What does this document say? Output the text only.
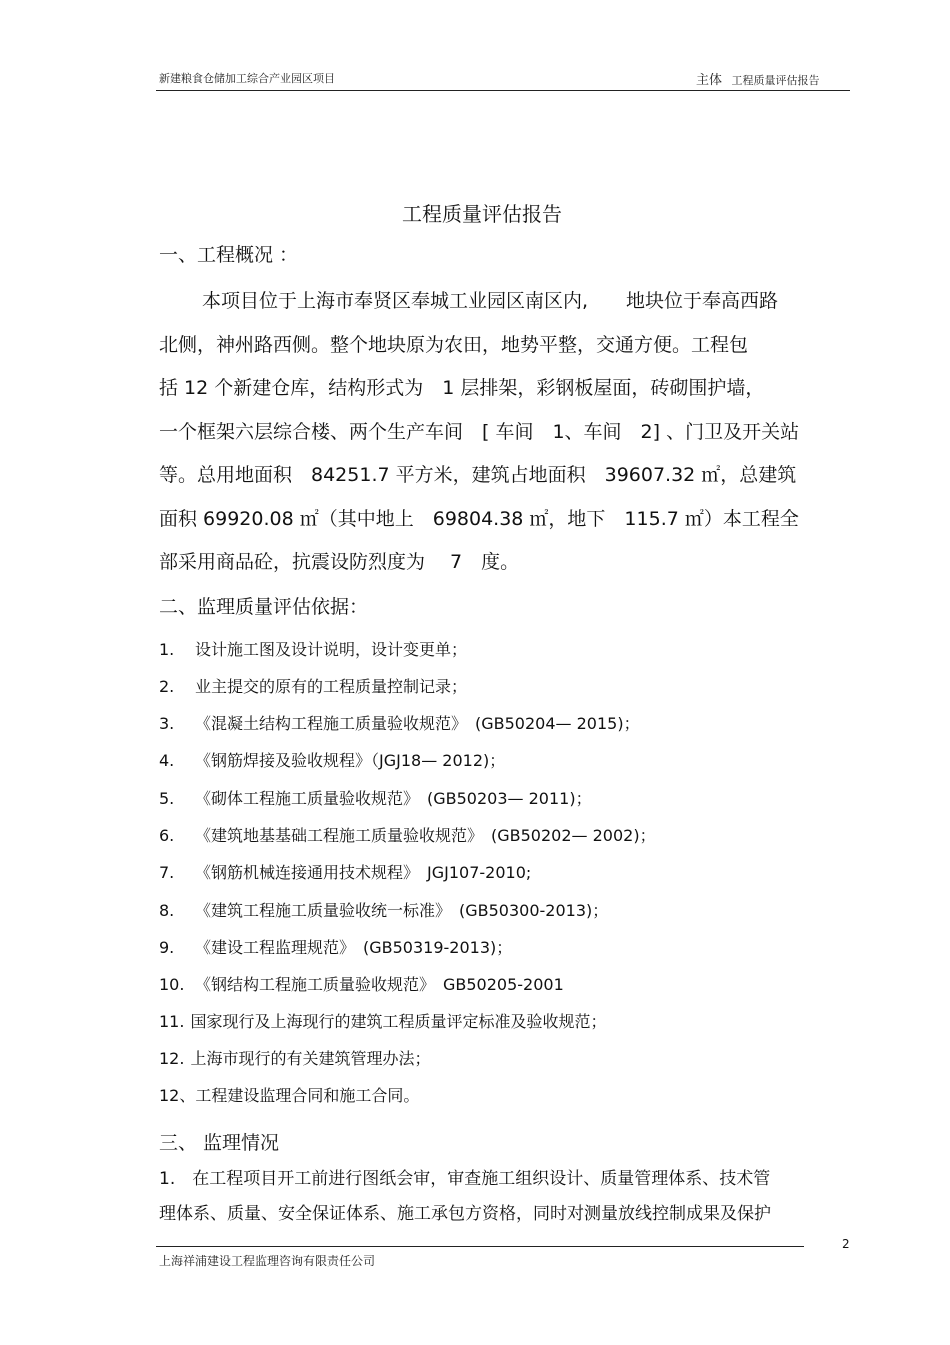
新建粮食仓储加工综合产业园区项目	主体 工程质量评估报告
工程质量评估报告
一、工程概况 ：
本项目位于上海市奉贤区奉城工业园区南区内,　　地块位于奉高西路
北侧，神州路西侧。整个地块原为农田，地势平整，交通方便。工程包
括 12 个新建仓库，结构形式为　1 层排架，彩钢板屋面，砖砌围护墙，
一个框架六层综合楼、两个生产车间　[ 车间　1、车间　2] 、门卫及开关站
等。总用地面积　84251.7 平方米，建筑占地面积　39607.32 ㎡，总建筑
面积 69920.08 ㎡（其中地上　69804.38 ㎡，地下　115.7 ㎡）本工程全
部采用商品砼，抗震设防烈度为　 7　度。
二、监理质量评估依据：
1. 设计施工图及设计说明，设计变更单；
2. 业主提交的原有的工程质量控制记录；
3. 《混凝土结构工程施工质量验收规范》　(GB50204— 2015)；
4. 《钢筋焊接及验收规程》（JGJ18— 2012)；
5. 《砌体工程施工质量验收规范》　(GB50203— 2011)；
6. 《建筑地基基础工程施工质量验收规范》　(GB50202— 2002)；
7. 《钢筋机械连接通用技术规程》　JGJ107-2010;
8. 《建筑工程施工质量验收统一标准》　(GB50300-2013)；
9. 《建设工程监理规范》　(GB50319-2013)；
10. 《钢结构工程施工质量验收规范》　GB50205-2001
11. 国家现行及上海现行的建筑工程质量评定标准及验收规范；
12. 上海市现行的有关建筑管理办法；
12、工程建设监理合同和施工合同。
三、 监理情况
1.　在工程项目开工前进行图纸会审，审查施工组织设计、质量管理体系、技术管
理体系、质量、安全保证体系、施工承包方资格，同时对测量放线控制成果及保护
2
上海祥浦建设工程监理咨询有限责任公司
